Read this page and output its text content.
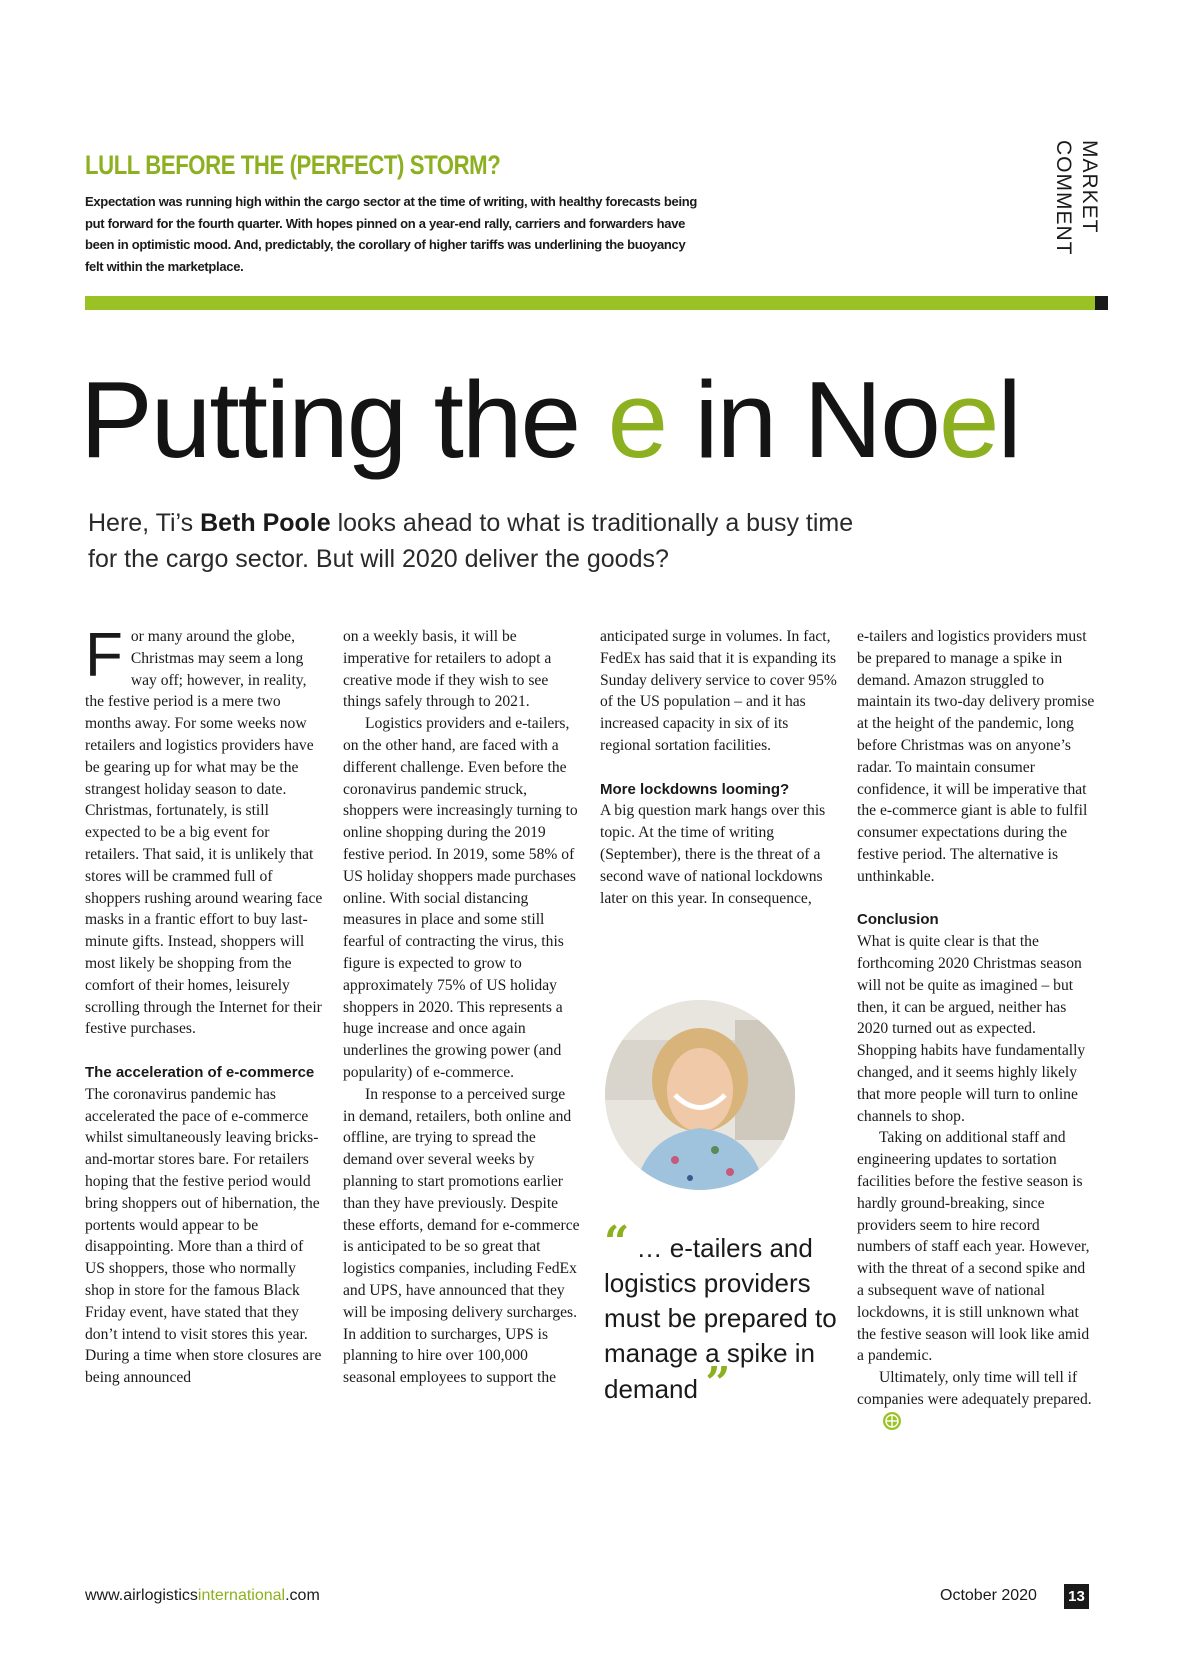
LULL BEFORE THE (PERFECT) STORM?
Expectation was running high within the cargo sector at the time of writing, with healthy forecasts being put forward for the fourth quarter. With hopes pinned on a year-end rally, carriers and forwarders have been in optimistic mood. And, predictably, the corollary of higher tariffs was underlining the buoyancy felt within the marketplace.
MARKET COMMENT
Putting the e in Noel
Here, Ti’s Beth Poole looks ahead to what is traditionally a busy time for the cargo sector. But will 2020 deliver the goods?

For many around the globe, Christmas may seem a long way off; however, in reality, the festive period is a mere two months away. For some weeks now retailers and logistics providers have be gearing up for what may be the strangest holiday season to date. Christmas, fortunately, is still expected to be a big event for retailers. That said, it is unlikely that stores will be crammed full of shoppers rushing around wearing face masks in a frantic effort to buy last-minute gifts. Instead, shoppers will most likely be shopping from the comfort of their homes, leisurely scrolling through the Internet for their festive purchases.

The acceleration of e-commerce

The coronavirus pandemic has accelerated the pace of e-commerce whilst simultaneously leaving bricks-and-mortar stores bare. For retailers hoping that the festive period would bring shoppers out of hibernation, the portents would appear to be disappointing. More than a third of US shoppers, those who normally shop in store for the famous Black Friday event, have stated that they don’t intend to visit stores this year. During a time when store closures are being announced

on a weekly basis, it will be imperative for retailers to adopt a creative mode if they wish to see things safely through to 2021.

Logistics providers and e-tailers, on the other hand, are faced with a different challenge. Even before the coronavirus pandemic struck, shoppers were increasingly turning to online shopping during the 2019 festive period. In 2019, some 58% of US holiday shoppers made purchases online. With social distancing measures in place and some still fearful of contracting the virus, this figure is expected to grow to approximately 75% of US holiday shoppers in 2020. This represents a huge increase and once again underlines the growing power (and popularity) of e-commerce.

In response to a perceived surge in demand, retailers, both online and offline, are trying to spread the demand over several weeks by planning to start promotions earlier than they have previously. Despite these efforts, demand for e-commerce is anticipated to be so great that logistics companies, including FedEx and UPS, have announced that they will be imposing delivery surcharges. In addition to surcharges, UPS is planning to hire over 100,000 seasonal employees to support the

anticipated surge in volumes. In fact, FedEx has said that it is expanding its Sunday delivery service to cover 95% of the US population – and it has increased capacity in six of its regional sortation facilities.

More lockdowns looming?

A big question mark hangs over this topic. At the time of writing (September), there is the threat of a second wave of national lockdowns later on this year. In consequence,

e-tailers and logistics providers must be prepared to manage a spike in demand. Amazon struggled to maintain its two-day delivery promise at the height of the pandemic, long before Christmas was on anyone’s radar. To maintain consumer confidence, it will be imperative that the e-commerce giant is able to fulfil consumer expectations during the festive period. The alternative is unthinkable.

Conclusion

What is quite clear is that the forthcoming 2020 Christmas season will not be quite as imagined – but then, it can be argued, neither has 2020 turned out as expected. Shopping habits have fundamentally changed, and it seems highly likely that more people will turn to online channels to shop.

Taking on additional staff and engineering updates to sortation facilities before the festive season is hardly ground-breaking, since providers seem to hire record numbers of staff each year. However, with the threat of a second spike and a subsequent wave of national lockdowns, it is still unknown what the festive season will look like amid a pandemic.

Ultimately, only time will tell if companies were adequately prepared.

“ … e-tailers and logistics providers must be prepared to manage a spike in demand ”
www.airlogisticsinternational.com	October 2020 13
